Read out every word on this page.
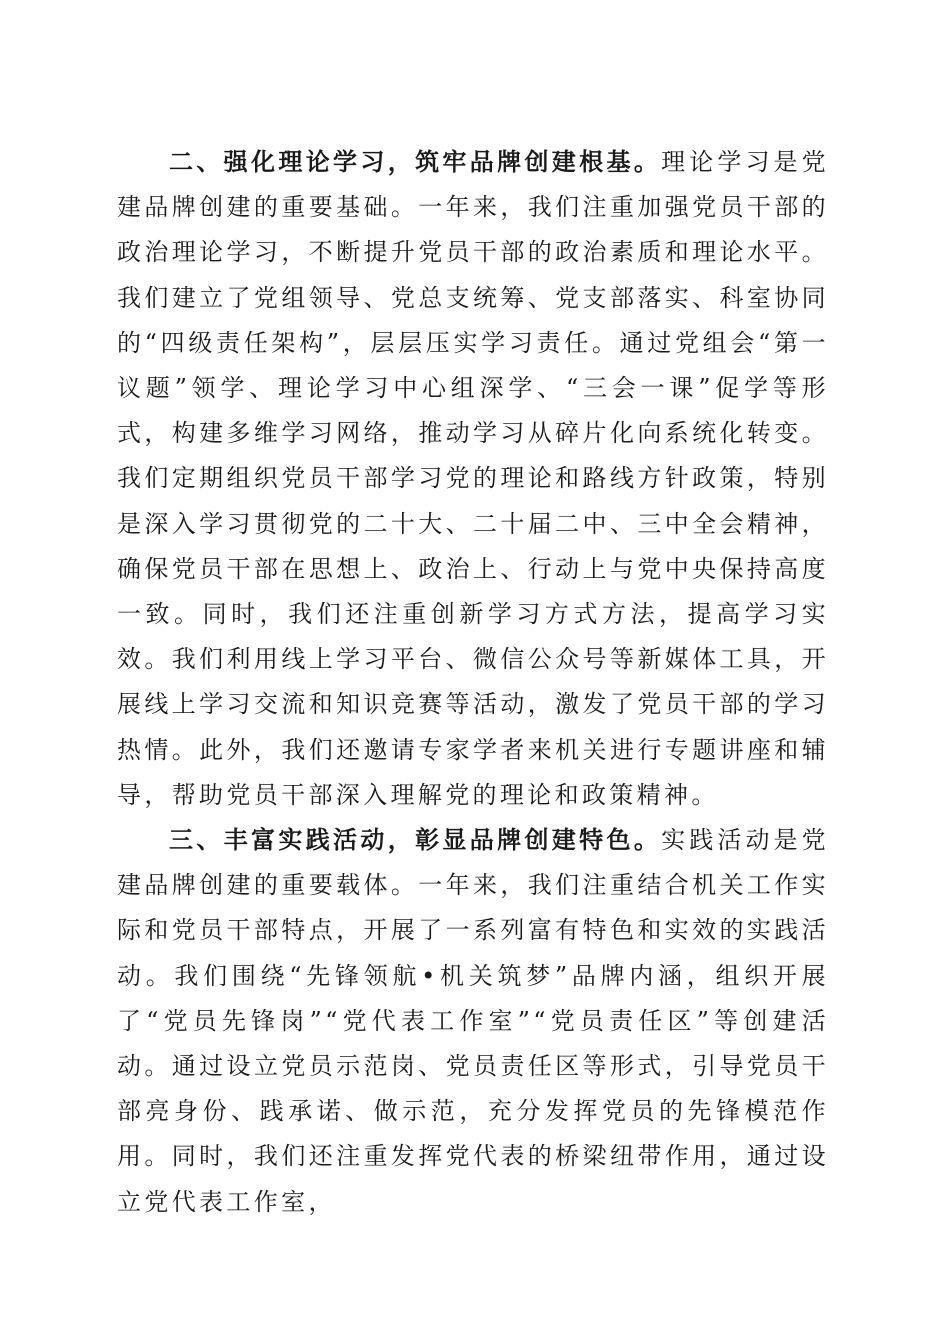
二、强化理论学习，筑牢品牌创建根基。理论学习是党建品牌创建的重要基础。一年来，我们注重加强党员干部的政治理论学习，不断提升党员干部的政治素质和理论水平。我们建立了党组领导、党总支统筹、党支部落实、科室协同的“四级责任架构”，层层压实学习责任。通过党组会“第一议题”领学、理论学习中心组深学、“三会一课”促学等形式，构建多维学习网络，推动学习从碎片化向系统化转变。我们定期组织党员干部学习党的理论和路线方针政策，特别是深入学习贯彻党的二十大、二十届二中、三中全会精神，确保党员干部在思想上、政治上、行动上与党中央保持高度一致。同时，我们还注重创新学习方式方法，提高学习实效。我们利用线上学习平台、微信公众号等新媒体工具，开展线上学习交流和知识竞赛等活动，激发了党员干部的学习热情。此外，我们还邀请专家学者来机关进行专题讲座和辅导，帮助党员干部深入理解党的理论和政策精神。

三、丰富实践活动，彰显品牌创建特色。实践活动是党建品牌创建的重要载体。一年来，我们注重结合机关工作实际和党员干部特点，开展了一系列富有特色和实效的实践活动。我们围绕“先锋领航•机关筑梦”品牌内涵，组织开展了“党员先锋岗”“党代表工作室”“党员责任区”等创建活动。通过设立党员示范岗、党员责任区等形式，引导党员干部亮身份、践承诺、做示范，充分发挥党员的先锋模范作用。同时，我们还注重发挥党代表的桥梁纽带作用，通过设立党代表工作室，
